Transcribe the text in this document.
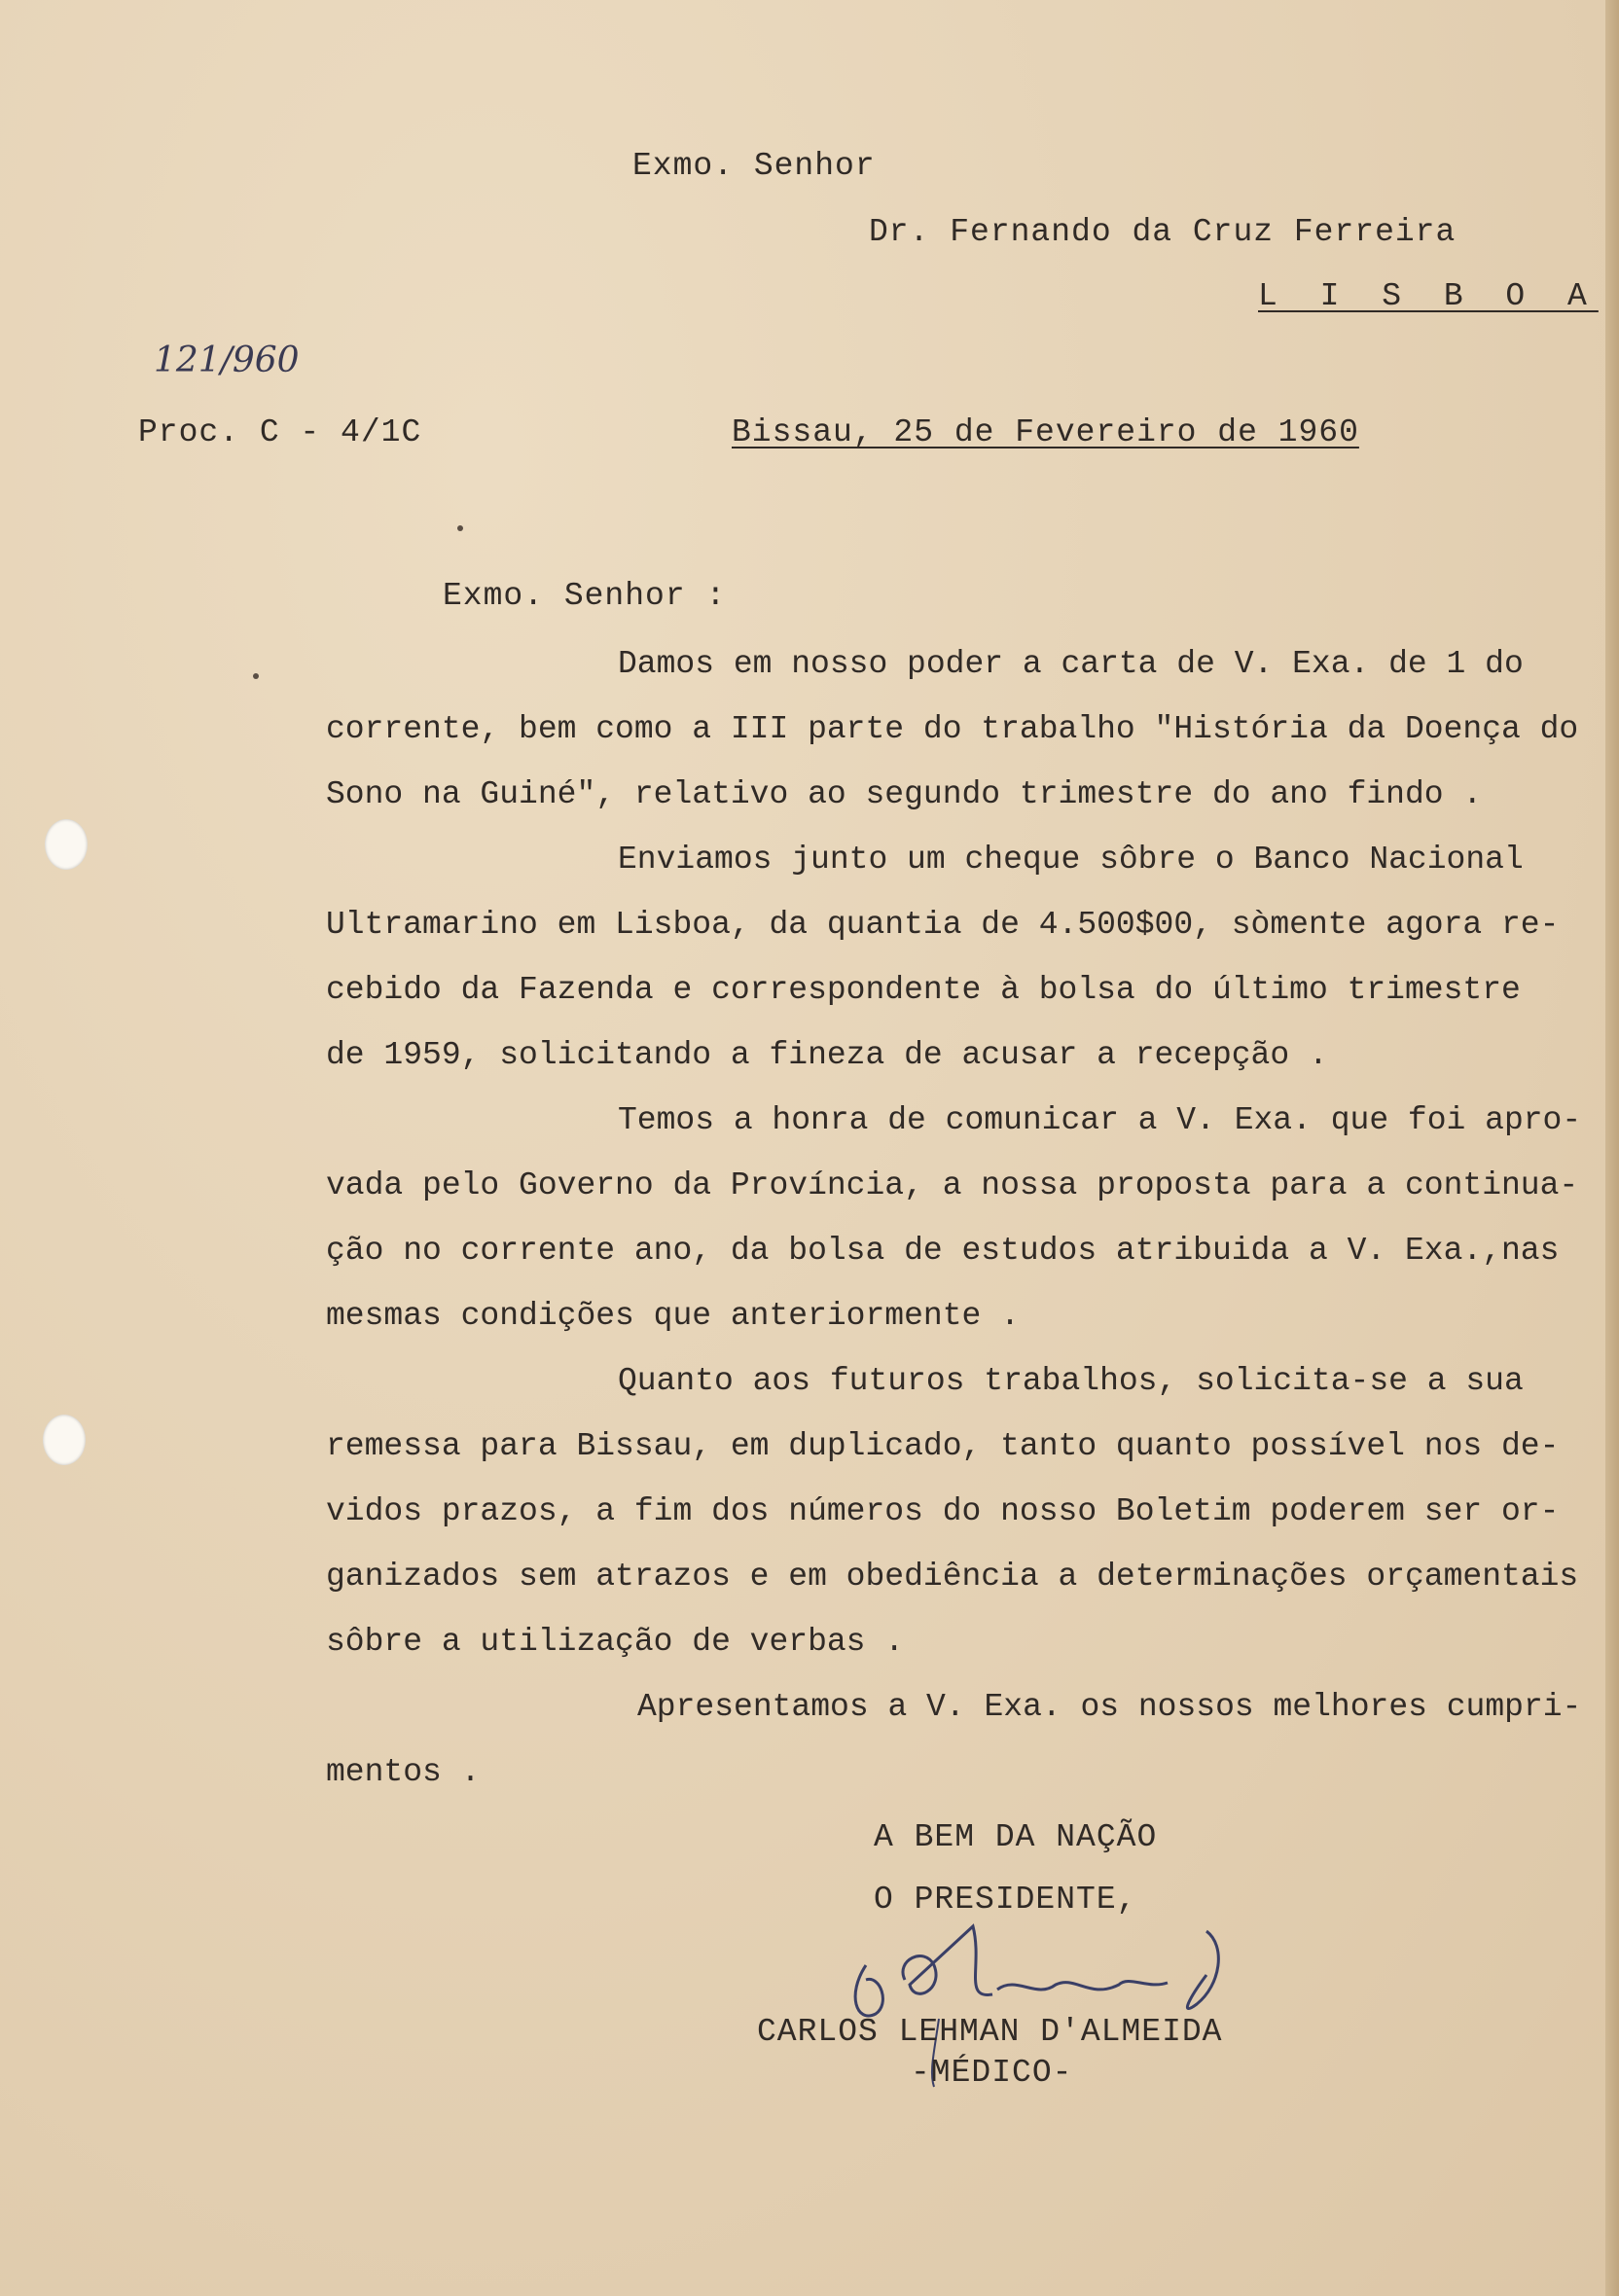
Exmo. Senhor
Dr. Fernando da Cruz Ferreira
L I S B O A
121/960
Proc. C - 4/1C	Bissau, 25 de Fevereiro de 1960
Exmo. Senhor :
Damos em nosso poder a carta de V. Exa. de 1 do
corrente, bem como a III parte do trabalho "História da Doença do
Sono na Guiné", relativo ao segundo trimestre do ano findo .
Enviamos junto um cheque sôbre o Banco Nacional
Ultramarino em Lisboa, da quantia de 4.500$00, sòmente agora re-
cebido da Fazenda e correspondente à bolsa do último trimestre
de 1959, solicitando a fineza de acusar a recepção .
Temos a honra de comunicar a V. Exa. que foi apro-
vada pelo Governo da Província, a nossa proposta para a continua-
ção no corrente ano, da bolsa de estudos atribuida a V. Exa.,nas
mesmas condições que anteriormente .
Quanto aos futuros trabalhos, solicita-se a sua
remessa para Bissau, em duplicado, tanto quanto possível nos de-
vidos prazos, a fim dos números do nosso Boletim poderem ser or-
ganizados sem atrazos e em obediência a determinações orçamentais
sôbre a utilização de verbas .
Apresentamos a V. Exa. os nossos melhores cumpri-
mentos .
A BEM DA NAÇÃO
O PRESIDENTE,
CARLOS LEHMAN D'ALMEIDA
-MÉDICO-
